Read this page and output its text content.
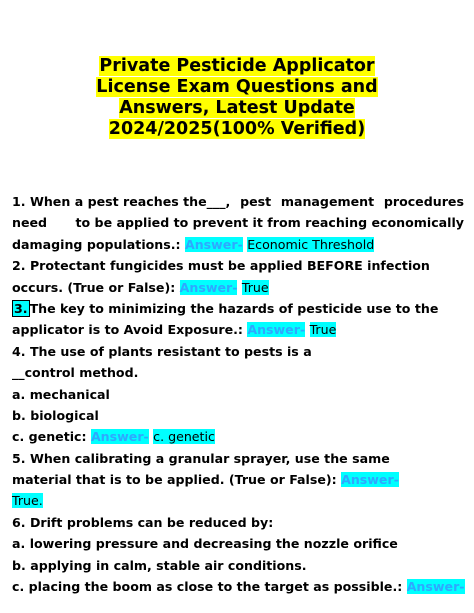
Private Pesticide Applicator
License Exam Questions and
Answers, Latest Update
2024/2025(100% Verified)
1. When a pest reaches the___, pest management procedures
need to be applied to prevent it from reaching economically
damaging populations.: Answer- Economic Threshold
2. Protectant fungicides must be applied BEFORE infection
occurs. (True or False): Answer- True
3. The key to minimizing the hazards of pesticide use to the
applicator is to Avoid Exposure.: Answer- True
4. The use of plants resistant to pests is a
__control method.
a. mechanical
b. biological
c. genetic: Answer- c. genetic
5. When calibrating a granular sprayer, use the same
material that is to be applied. (True or False): Answer-
True.
6. Drift problems can be reduced by:
a. lowering pressure and decreasing the nozzle orifice
b. applying in calm, stable air conditions.
c. placing the boom as close to the target as possible.: Answer-
